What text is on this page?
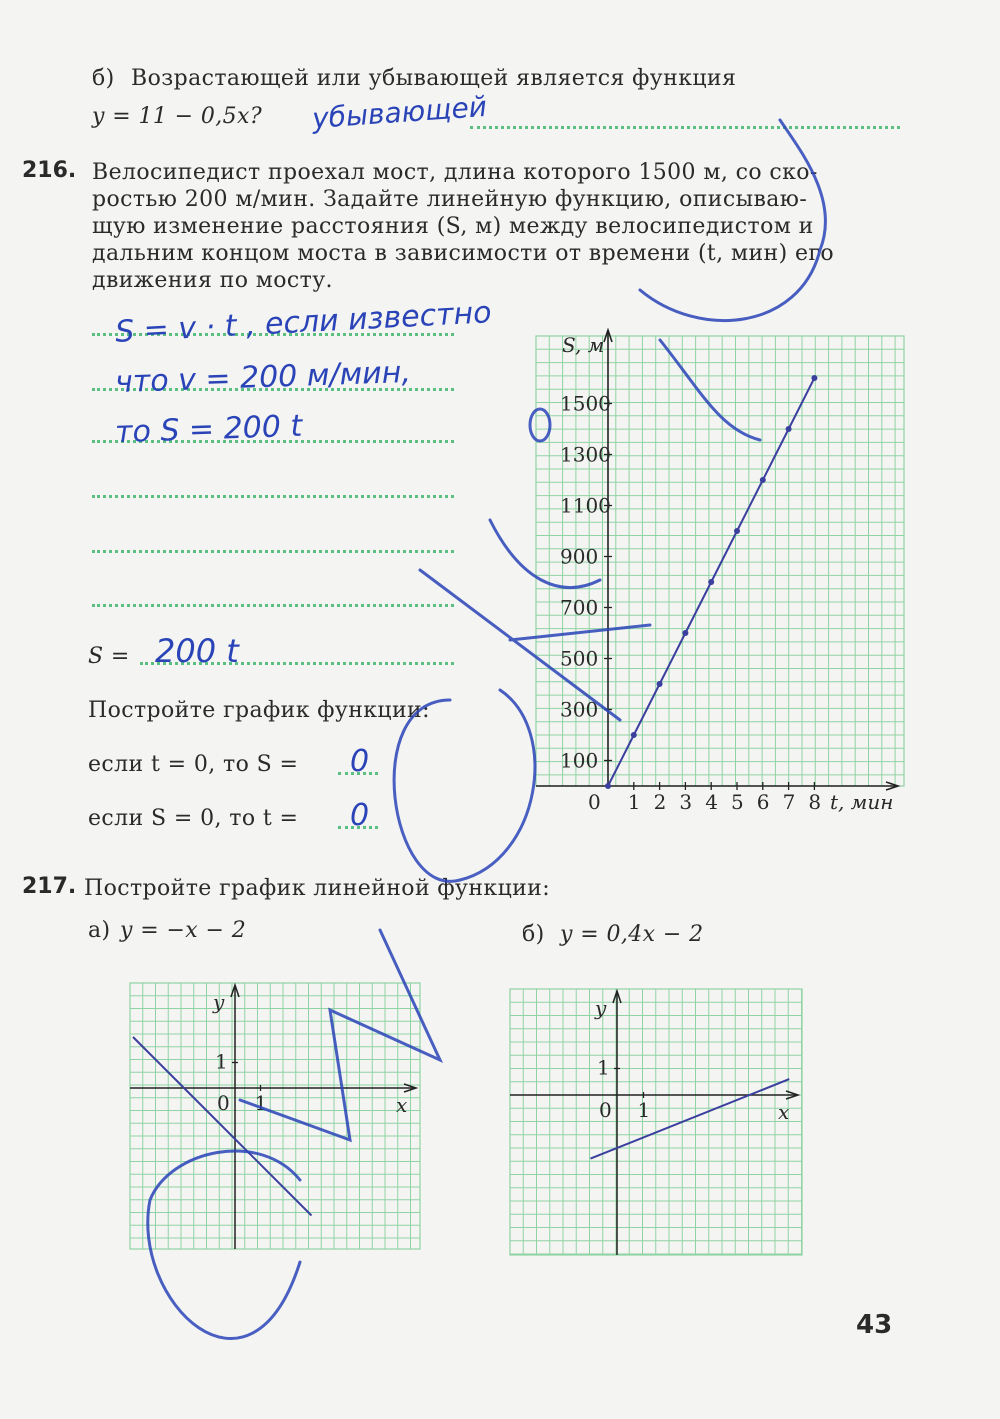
б) Возрастающей или убывающей является функция
y = 11 − 0,5x? убывающей
216. Велосипедист проехал мост, длина которого 1500 м, со ско-
ростью 200 м/мин. Задайте линейную функцию, описываю-
щую изменение расстояния (S, м) между велосипедистом и
дальним концом моста в зависимости от времени (t, мин) его
движения по мосту.
S = v · t , если известно
что v = 200 м/мин,
то S = 200 t
S = 200 t
Постройте график функции:
если t = 0, то S = 0
если S = 0, то t = 0
S, м
t, мин
0 1 2 3 4 5 6 7 8
100
300
500
700
900
1100
1300
1500
217. Постройте график линейной функции:
а) y = −x − 2	б) y = 0,4x − 2
y
x
0 1
1
y
x
0 1
1
43
